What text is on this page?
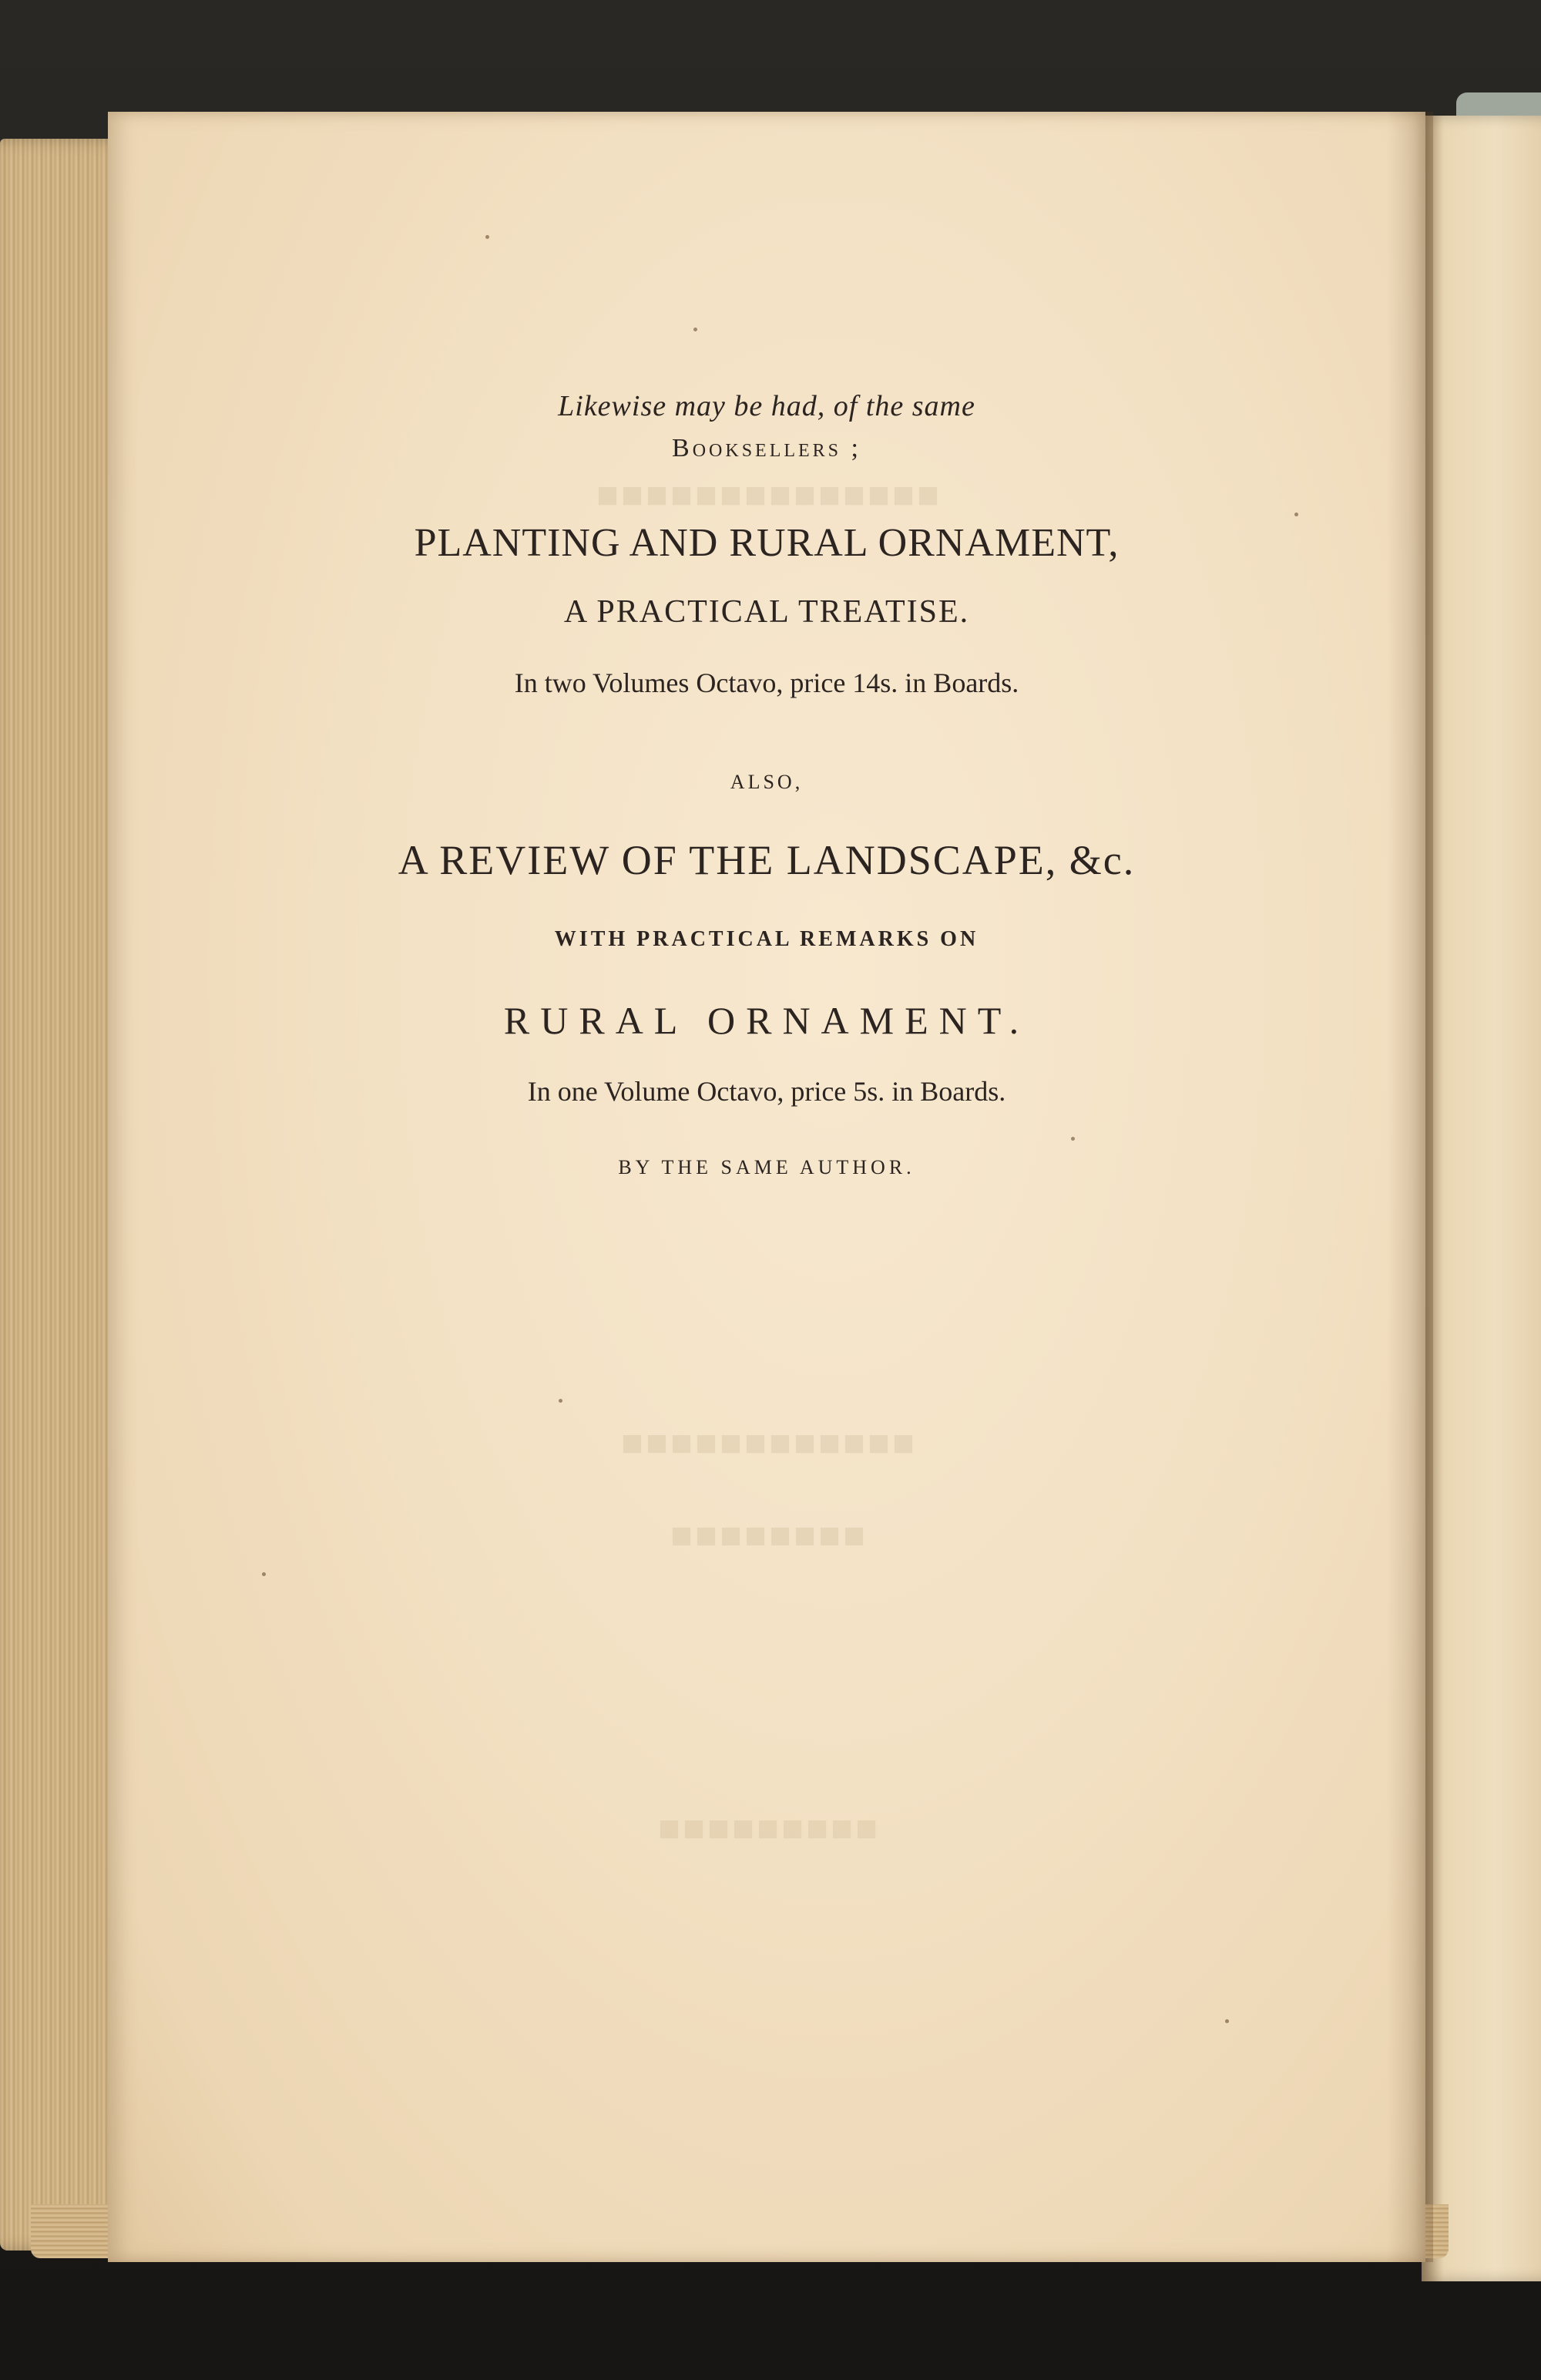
■■■■■■■■■■■■■■
■■■■■■■■■■■■
■■■■■■■■
■■■■■■■■■
Likewise may be had, of the same
Booksellers ;
PLANTING AND RURAL ORNAMENT,
A PRACTICAL TREATISE.
In two Volumes Octavo, price 14s. in Boards.
ALSO,
A REVIEW OF THE LANDSCAPE, &c.
WITH PRACTICAL REMARKS ON
RURAL ORNAMENT.
In one Volume Octavo, price 5s. in Boards.
BY THE SAME AUTHOR.
